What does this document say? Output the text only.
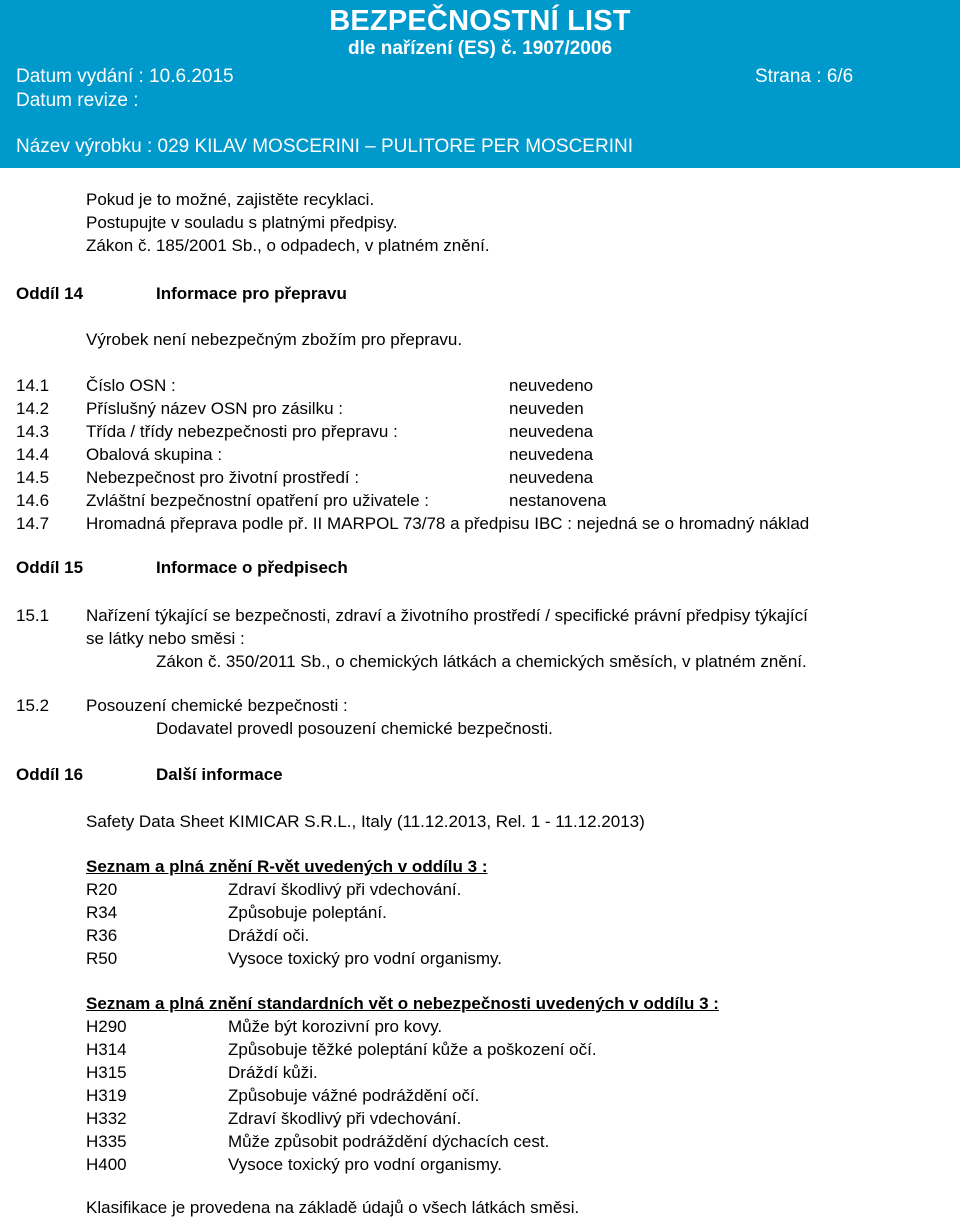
BEZPEČNOSTNÍ LIST
dle nařízení (ES) č. 1907/2006
Datum vydání : 10.6.2015	Strana : 6/6
Datum revize :
Název výrobku : 029 KILAV MOSCERINI – PULITORE PER MOSCERINI
Pokud je to možné, zajistěte recyklaci.
Postupujte v souladu s platnými předpisy.
Zákon č. 185/2001 Sb., o odpadech, v platném znění.
Oddíl 14	Informace pro přepravu
Výrobek není nebezpečným zbožím pro přepravu.
14.1 Číslo OSN :	neuvedeno
14.2 Příslušný název OSN pro zásilku :	neuveden
14.3 Třída / třídy nebezpečnosti pro přepravu :	neuvedena
14.4 Obalová skupina :	neuvedena
14.5 Nebezpečnost pro životní prostředí :	neuvedena
14.6 Zvláštní bezpečnostní opatření pro uživatele :	nestanovena
14.7 Hromadná přeprava podle př. II MARPOL 73/78 a předpisu IBC : nejedná se o hromadný náklad
Oddíl 15	Informace o předpisech
15.1 Nařízení týkající se bezpečnosti, zdraví a životního prostředí / specifické právní předpisy týkající
se látky nebo směsi :
Zákon č. 350/2011 Sb., o chemických látkách a chemických směsích, v platném znění.
15.2 Posouzení chemické bezpečnosti :
Dodavatel provedl posouzení chemické bezpečnosti.
Oddíl 16	Další informace
Safety Data Sheet KIMICAR S.R.L., Italy (11.12.2013, Rel. 1 - 11.12.2013)
Seznam a plná znění R-vět uvedených v oddílu 3 :
R20	Zdraví škodlivý při vdechování.
R34	Způsobuje poleptání.
R36	Dráždí oči.
R50	Vysoce toxický pro vodní organismy.
Seznam a plná znění standardních vět o nebezpečnosti uvedených v oddílu 3 :
H290	Může být korozivní pro kovy.
H314	Způsobuje těžké poleptání kůže a poškození očí.
H315	Dráždí kůži.
H319	Způsobuje vážné podráždění očí.
H332	Zdraví škodlivý při vdechování.
H335	Může způsobit podráždění dýchacích cest.
H400	Vysoce toxický pro vodní organismy.
Klasifikace je provedena na základě údajů o všech látkách směsi.
